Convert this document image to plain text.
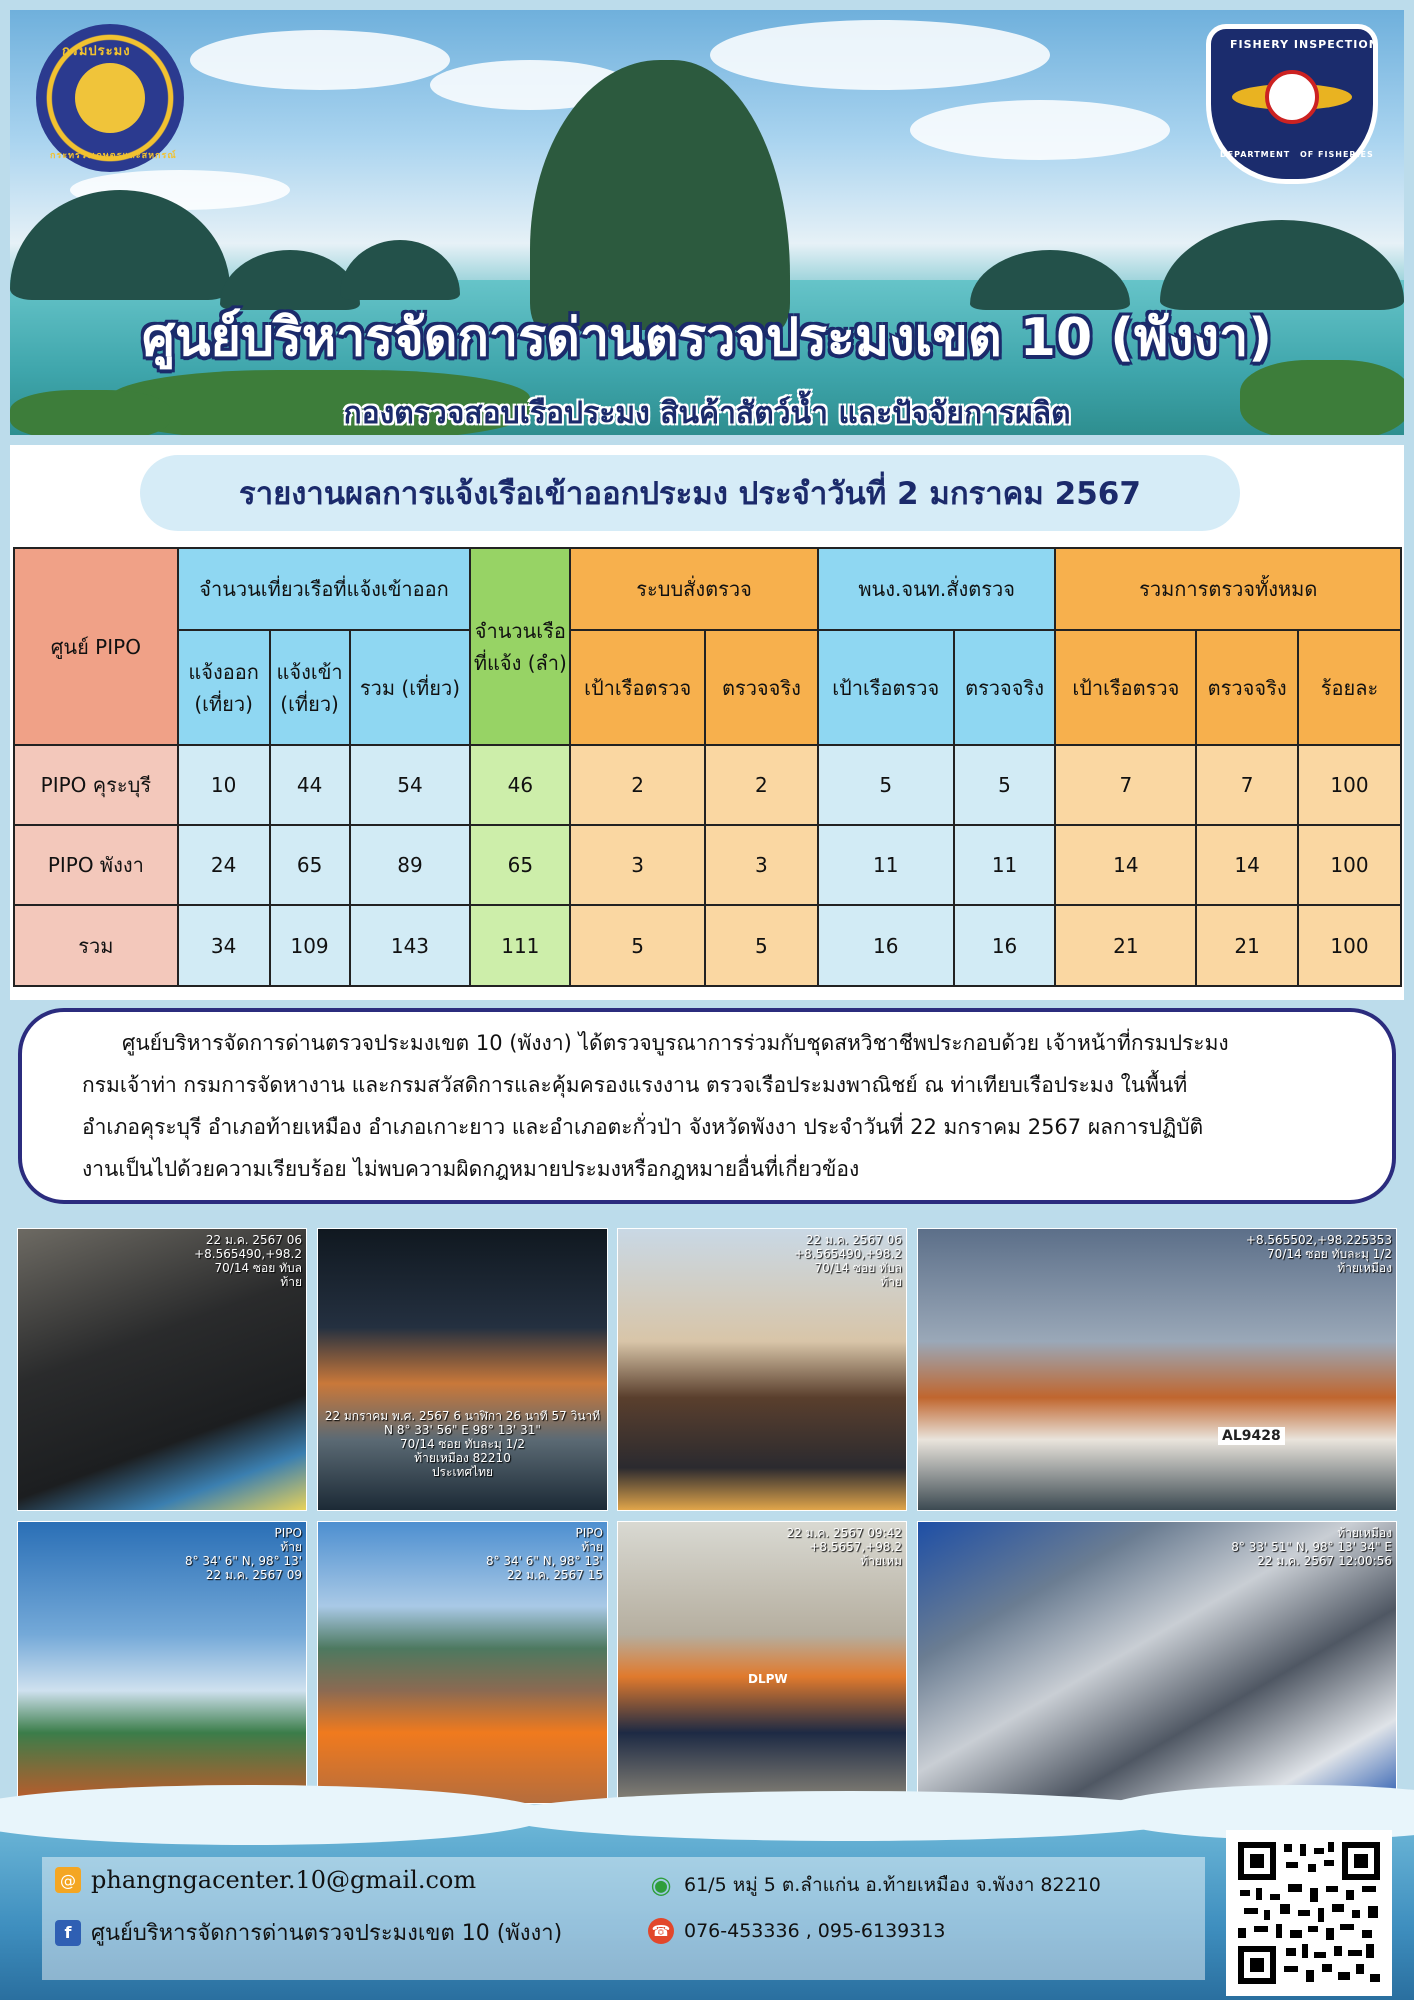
กรมประมง
กระทรวงเกษตรและสหกรณ์
FISHERY INSPECTION
DEPARTMENT OF FISHERIES
ศูนย์บริหารจัดการด่านตรวจประมงเขต 10 (พังงา)
กองตรวจสอบเรือประมง สินค้าสัตว์น้ำ และปัจจัยการผลิต
รายงานผลการแจ้งเรือเข้าออกประมง ประจำวันที่ 2 มกราคม 2567
ศูนย์ PIPO	จำนวนเที่ยวเรือที่แจ้งเข้าออก			จำนวนเรือที่แจ้ง (ลำ)	ระบบสั่งตรวจ		พนง.จนท.สั่งตรวจ		รวมการตรวจทั้งหมด		
	แจ้งออก (เที่ยว)	แจ้งเข้า (เที่ยว)	รวม (เที่ยว)		เป้าเรือตรวจ	ตรวจจริง	เป้าเรือตรวจ	ตรวจจริง	เป้าเรือตรวจ	ตรวจจริง	ร้อยละ
PIPO คุระบุรี	10	44	54	46	2	2	5	5	7	7	100
PIPO พังงา	24	65	89	65	3	3	11	11	14	14	100
รวม	34	109	143	111	5	5	16	16	21	21	100
ศูนย์บริหารจัดการด่านตรวจประมงเขต 10 (พังงา) ได้ตรวจบูรณาการร่วมกับชุดสหวิชาชีพประกอบด้วย เจ้าหน้าที่กรมประมง
กรมเจ้าท่า กรมการจัดหางาน และกรมสวัสดิการและคุ้มครองแรงงาน ตรวจเรือประมงพาณิชย์ ณ ท่าเทียบเรือประมง ในพื้นที่
อำเภอคุระบุรี อำเภอท้ายเหมือง อำเภอเกาะยาว และอำเภอตะกั่วป่า จังหวัดพังงา ประจำวันที่ 22 มกราคม 2567 ผลการปฏิบัติ
งานเป็นไปด้วยความเรียบร้อย ไม่พบความผิดกฎหมายประมงหรือกฎหมายอื่นที่เกี่ยวข้อง
22 ม.ค. 2567 06
+8.565490,+98.2
70/14 ซอย ทับล
ท้าย
22 มกราคม พ.ศ. 2567 6 นาฬิกา 26 นาที 57 วินาที
N 8° 33' 56" E 98° 13' 31"
70/14 ซอย ทับละมุ 1/2
ท้ายเหมือง 82210
ประเทศไทย
22 ม.ค. 2567 06
+8.565490,+98.2
70/14 ซอย ทับล
ท้าย
+8.565502,+98.225353
70/14 ซอย ทับละมุ 1/2
ท้ายเหมือง
AL9428
PIPO
ท้าย
8° 34' 6" N, 98° 13'
22 ม.ค. 2567 09
PIPO
ท้าย
8° 34' 6" N, 98° 13'
22 ม.ค. 2567 15
22 ม.ค. 2567 09:42
+8.5657,+98.2
ท้ายเหม
DLPW
ท้ายเหมือง
8° 33' 51" N, 98° 13' 34" E
22 ม.ค. 2567 12:00:56
@ phangngacenter.10@gmail.com
f ศูนย์บริหารจัดการด่านตรวจประมงเขต 10 (พังงา)
◉ 61/5 หมู่ 5 ต.ลำแก่น อ.ท้ายเหมือง จ.พังงา 82210
☎ 076-453336 , 095-6139313
